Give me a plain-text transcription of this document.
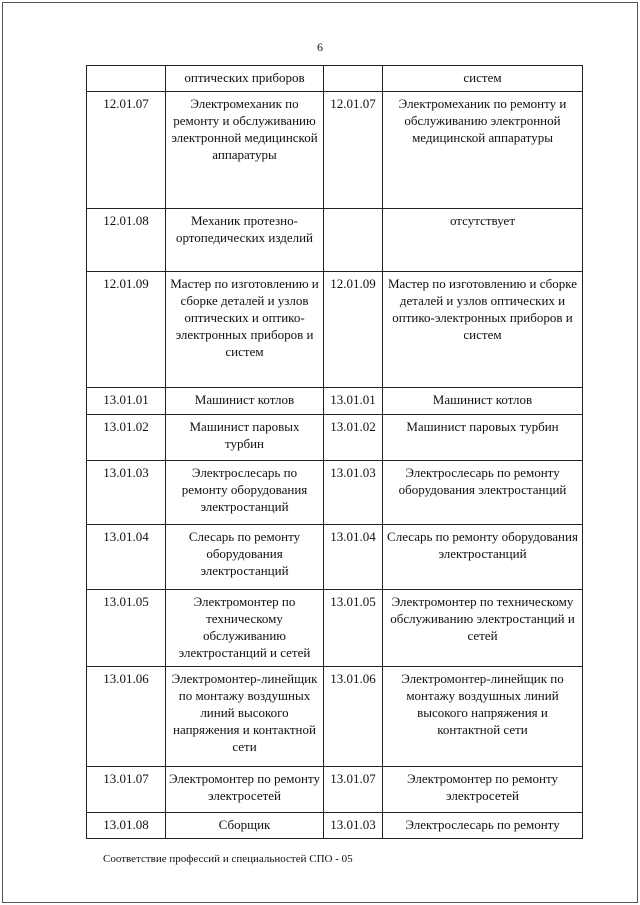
6
	оптических приборов		систем
12.01.07	Электромеханик по ремонту и обслуживанию электронной медицинской аппаратуры	12.01.07	Электромеханик по ремонту и обслуживанию электронной медицинской аппаратуры
12.01.08	Механик протезно-ортопедических изделий		отсутствует
12.01.09	Мастер по изготовлению и сборке деталей и узлов оптических и оптико-электронных приборов и систем	12.01.09	Мастер по изготовлению и сборке деталей и узлов оптических и оптико-электронных приборов и систем
13.01.01	Машинист котлов	13.01.01	Машинист котлов
13.01.02	Машинист паровых турбин	13.01.02	Машинист паровых турбин
13.01.03	Электрослесарь по ремонту оборудования электростанций	13.01.03	Электрослесарь по ремонту оборудования электростанций
13.01.04	Слесарь по ремонту оборудования электростанций	13.01.04	Слесарь по ремонту оборудования электростанций
13.01.05	Электромонтер по техническому обслуживанию электростанций и сетей	13.01.05	Электромонтер по техническому обслуживанию электростанций и сетей
13.01.06	Электромонтер-линейщик по монтажу воздушных линий высокого напряжения и контактной сети	13.01.06	Электромонтер-линейщик по монтажу воздушных линий высокого напряжения и контактной сети
13.01.07	Электромонтер по ремонту электросетей	13.01.07	Электромонтер по ремонту электросетей
13.01.08	Сборщик	13.01.03	Электрослесарь по ремонту
Соответствие профессий и специальностей СПО - 05
